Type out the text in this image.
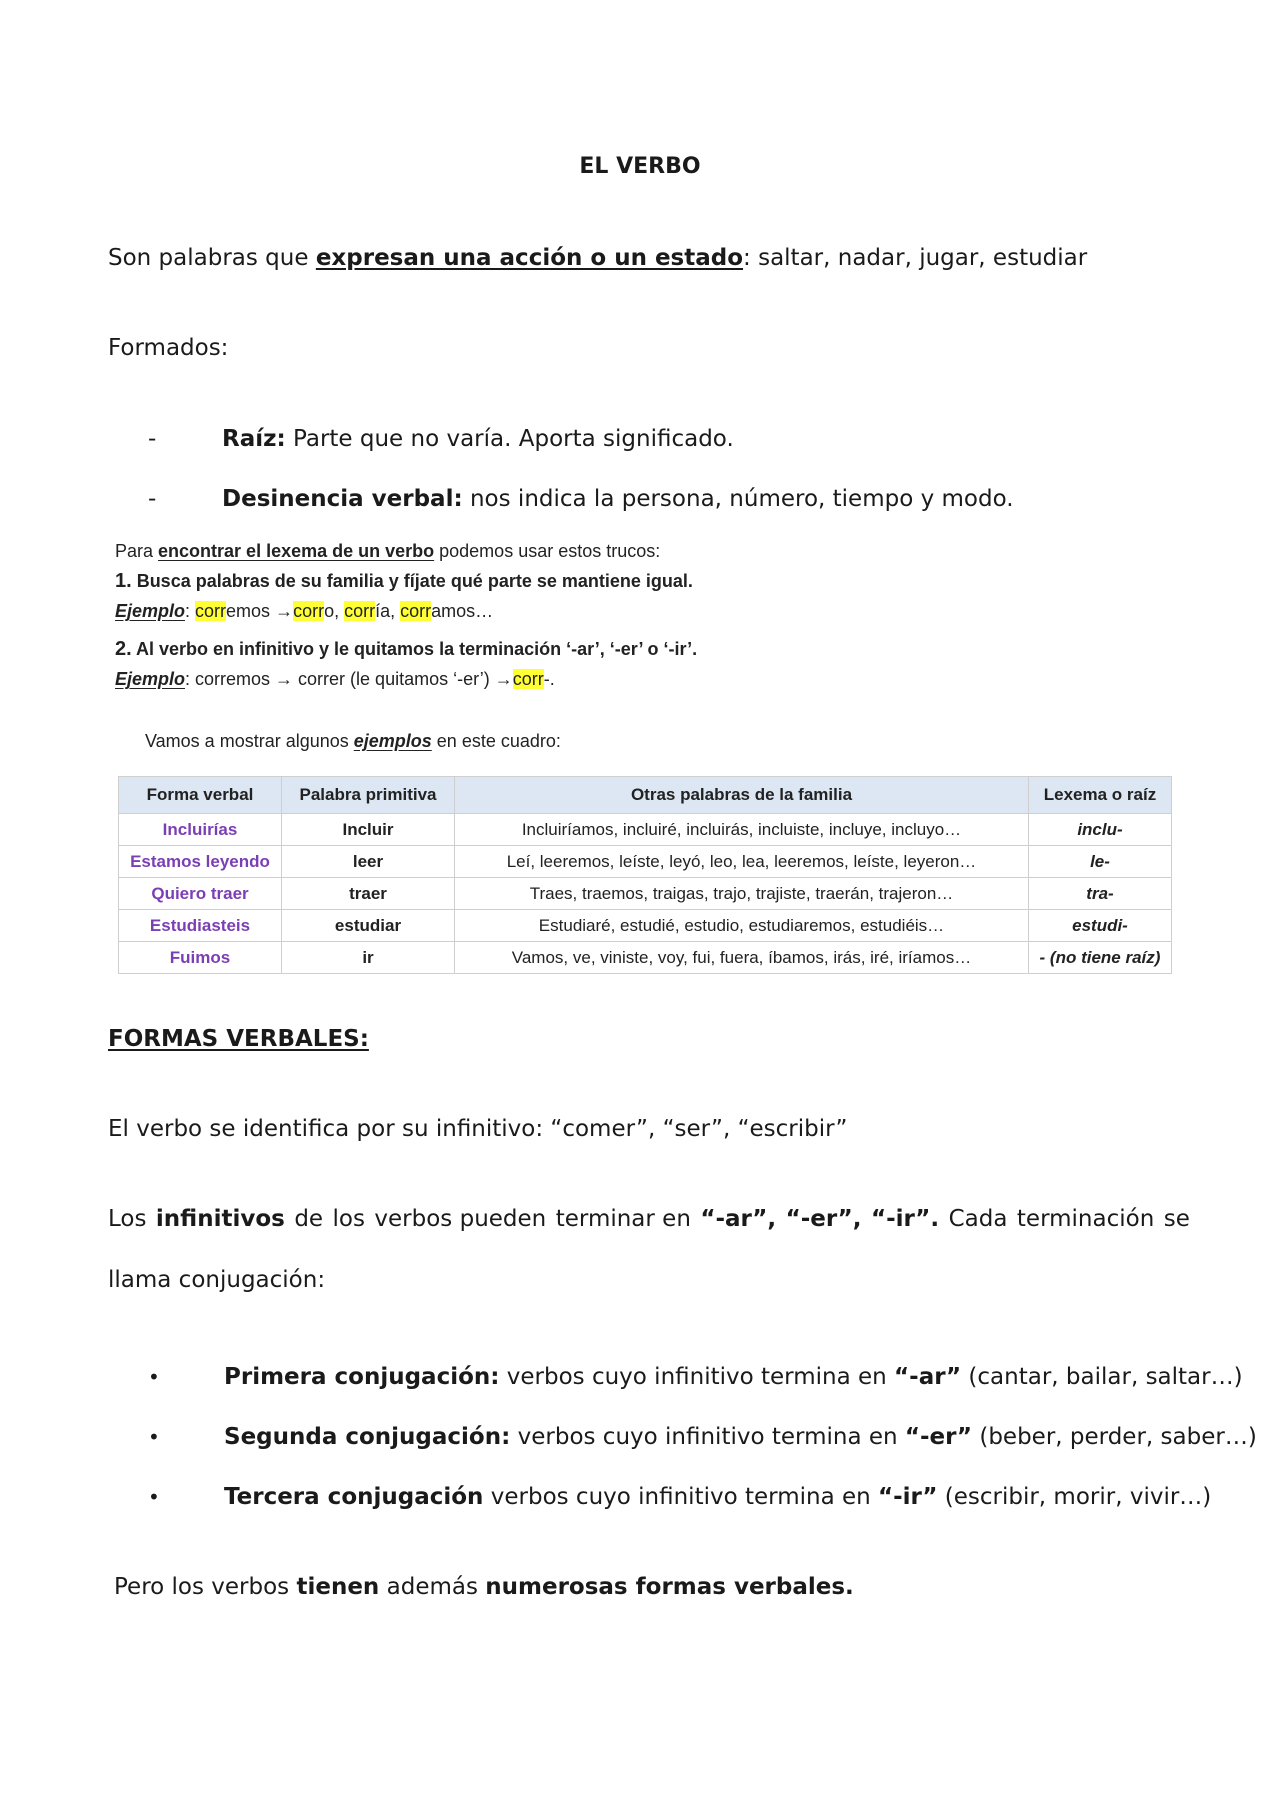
EL VERBO
Son palabras que expresan una acción o un estado: saltar, nadar, jugar, estudiar
Formados:
-	Raíz: Parte que no varía. Aporta significado.
-	Desinencia verbal: nos indica la persona, número, tiempo y modo.
Para encontrar el lexema de un verbo podemos usar estos trucos:
1. Busca palabras de su familia y fíjate qué parte se mantiene igual.
Ejemplo: corremos →corro, corría, corramos…
2. Al verbo en infinitivo y le quitamos la terminación ‘-ar’, ‘-er’ o ‘-ir’.
Ejemplo: corremos → correr (le quitamos ‘-er’) →corr-.
Vamos a mostrar algunos ejemplos en este cuadro:
Forma verbal	Palabra primitiva	Otras palabras de la familia	Lexema o raíz
Incluirías	Incluir	Incluiríamos, incluiré, incluirás, incluiste, incluye, incluyo…	inclu-
Estamos leyendo	leer	Leí, leeremos, leíste, leyó, leo, lea, leeremos, leíste, leyeron…	le-
Quiero traer	traer	Traes, traemos, traigas, trajo, trajiste, traerán, trajeron…	tra-
Estudiasteis	estudiar	Estudiaré, estudié, estudio, estudiaremos, estudiéis…	estudi-
Fuimos	ir	Vamos, ve, viniste, voy, fui, fuera, íbamos, irás, iré, iríamos…	- (no tiene raíz)
FORMAS VERBALES:
El verbo se identifica por su infinitivo: “comer”, “ser”, “escribir”
Los infinitivos de los verbos pueden terminar en “-ar”, “-er”, “-ir”. Cada terminación se
llama conjugación:
•	Primera conjugación: verbos cuyo infinitivo termina en “-ar” (cantar, bailar, saltar…)
•	Segunda conjugación: verbos cuyo infinitivo termina en “-er” (beber, perder, saber…)
•	Tercera conjugación verbos cuyo infinitivo termina en “-ir” (escribir, morir, vivir…)
Pero los verbos tienen además numerosas formas verbales.
